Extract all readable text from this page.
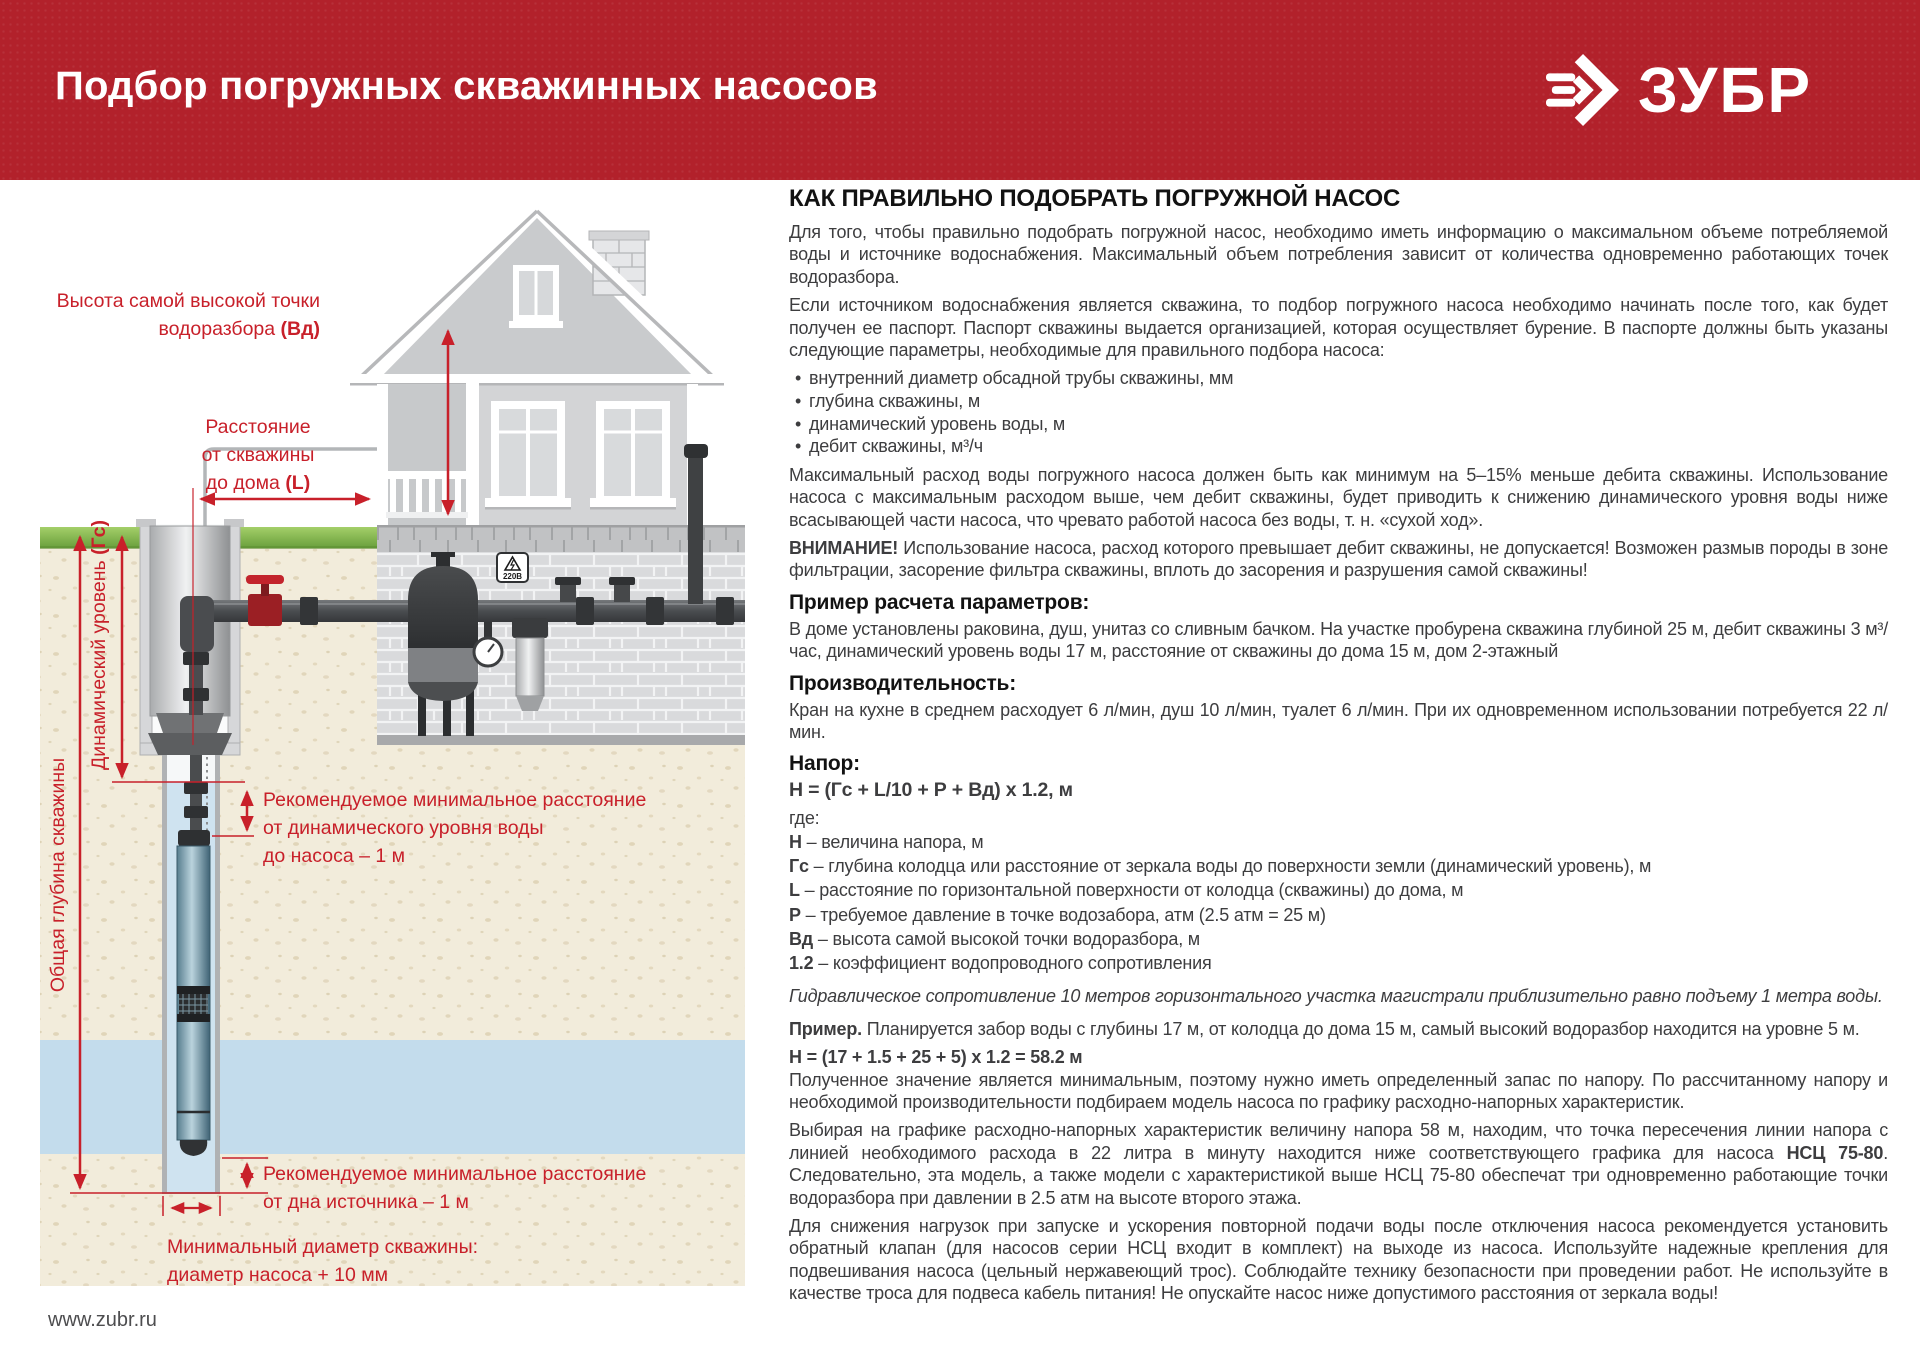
220В
Высота самой высокой точки
водоразбора (Вд)
Расстояние
от скважины
до дома (L)
Динамический уровень (Гс)
Общая глубина скважины	Рекомендуемое минимальное расстояние
от динамического уровня воды
до насоса – 1 м
Рекомендуемое минимальное расстояние
от дна источника – 1 м
Минимальный диаметр скважины:
диаметр насоса + 10 мм
www.zubr.ru
Подбор погружных скважинных насосов	ЗУБР
КАК ПРАВИЛЬНО ПОДОБРАТЬ ПОГРУЖНОЙ НАСОС

Для того, чтобы правильно подобрать погружной насос, необходимо иметь информацию о максимальном объеме потребляемой воды и источнике водоснабжения. Максимальный объем потребления зависит от количества одновременно работающих точек водоразбора.

Если источником водоснабжения является скважина, то подбор погружного насоса необходимо начинать после того, как будет получен ее паспорт. Паспорт скважины выдается организацией, которая осуществляет бурение. В паспорте должны быть указаны следующие параметры, необходимые для правильного подбора насоса:

• внутренний диаметр обсадной трубы скважины, мм
• глубина скважины, м
• динамический уровень воды, м
• дебит скважины, м³/ч

Максимальный расход воды погружного насоса должен быть как минимум на 5–15% меньше дебита скважины. Использование насоса с максимальным расходом выше, чем дебит скважины, будет приводить к снижению динамического уровня воды ниже всасывающей части насоса, что чревато работой насоса без воды, т. н. «сухой ход».

ВНИМАНИЕ! Использование насоса, расход которого превышает дебит скважины, не допускается! Возможен размыв породы в зоне фильтрации, засорение фильтра скважины, вплоть до засорения и разрушения самой скважины!

Пример расчета параметров:

В доме установлены раковина, душ, унитаз со сливным бачком. На участке пробурена скважина глубиной 25 м, дебит скважины 3 м³/час, динамический уровень воды 17 м, расстояние от скважины до дома 15 м, дом 2-этажный

Производительность:

Кран на кухне в среднем расходует 6 л/мин, душ 10 л/мин, туалет 6 л/мин. При их одновременном использовании потребуется 22 л/мин.

Напор:
Н = (Гс + L/10 + Р + Вд) х 1.2, м
где:
Н – величина напора, м
Гс – глубина колодца или расстояние от зеркала воды до поверхности земли (динамический уровень), м
L – расстояние по горизонтальной поверхности от колодца (скважины) до дома, м
Р – требуемое давление в точке водозабора, атм (2.5 атм = 25 м)
Вд – высота самой высокой точки водоразбора, м
1.2 – коэффициент водопроводного сопротивления
Гидравлическое сопротивление 10 метров горизонтального участка магистрали приблизительно равно подъему 1 метра воды.

Пример. Планируется забор воды с глубины 17 м, от колодца до дома 15 м, самый высокий водоразбор находится на уровне 5 м.

Н = (17 + 1.5 + 25 + 5) х 1.2 = 58.2 м

Полученное значение является минимальным, поэтому нужно иметь определенный запас по напору. По рассчитанному напору и необходимой производительности подбираем модель насоса по графику расходно-напорных характеристик.

Выбирая на графике расходно-напорных характеристик величину напора 58 м, находим, что точка пересечения линии напора с линией необходимого расхода в 22 литра в минуту находится ниже соответствующего графика для насоса НСЦ 75-80. Следовательно, эта модель, а также модели с характеристикой выше НСЦ 75-80 обеспечат три одновременно работающие точки водоразбора при давлении в 2.5 атм на высоте второго этажа.

Для снижения нагрузок при запуске и ускорения повторной подачи воды после отключения насоса рекомендуется установить обратный клапан (для насосов серии НСЦ входит в комплект) на выходе из насоса. Используйте надежные крепления для подвешивания насоса (цельный нержавеющий трос). Соблюдайте технику безопасности при проведении работ. Не используйте в качестве троса для подвеса кабель питания! Не опускайте насос ниже допустимого расстояния от зеркала воды!
